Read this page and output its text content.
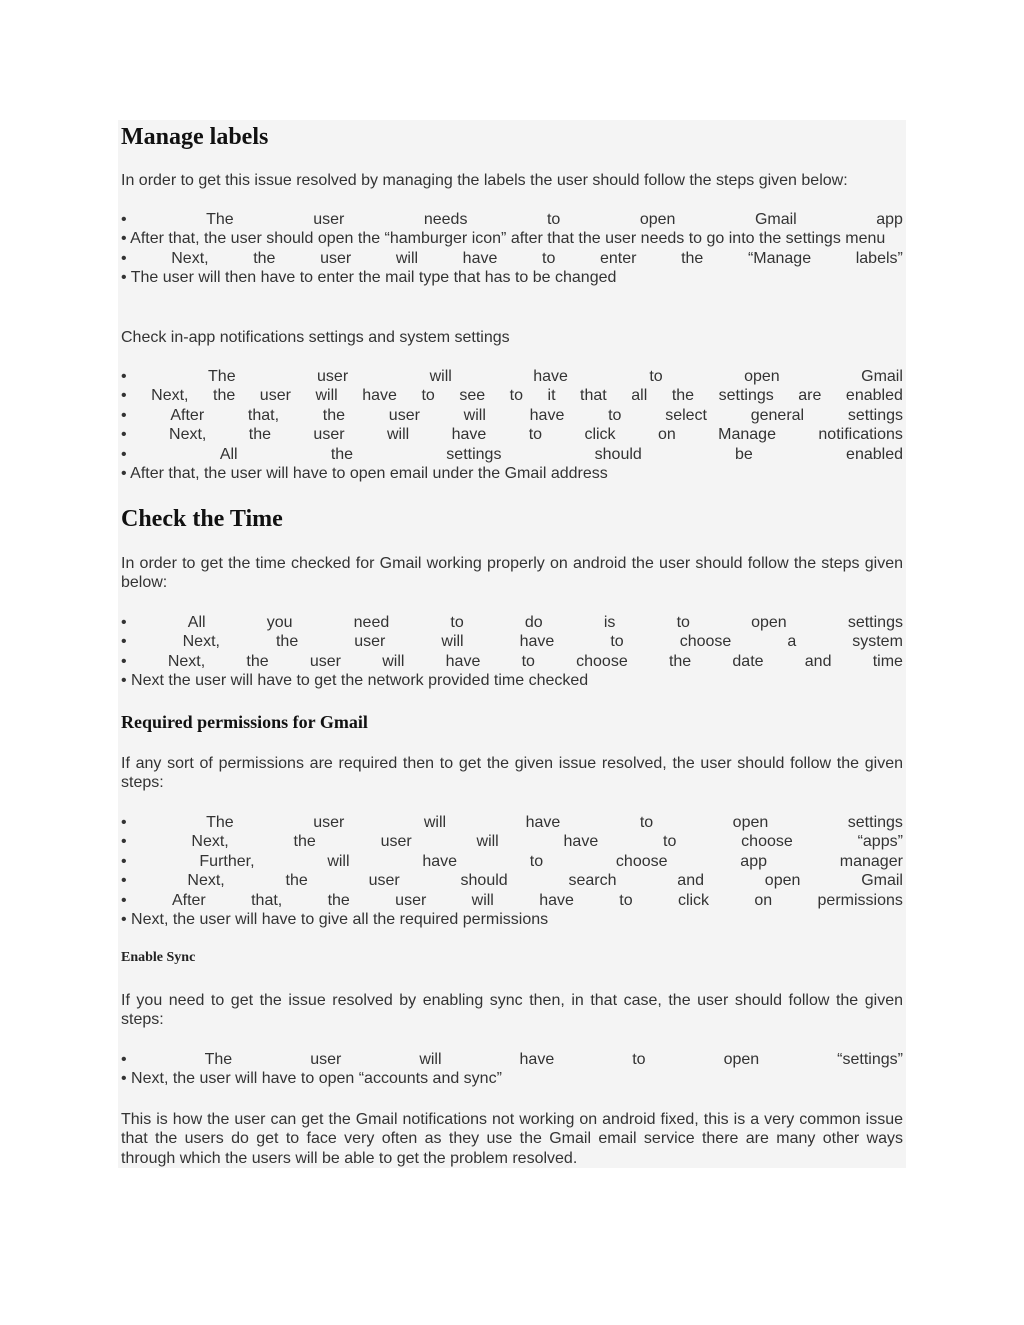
Manage labels

In order to get this issue resolved by managing the labels the user should follow the steps given below:

•	The	user	needs	to	open	Gmail	app
• After that, the user should open the “hamburger icon” after that the user needs to go into the settings menu
•	Next,	the	user	will	have	to	enter	the	“Manage	labels”
• The user will then have to enter the mail type that has to be changed

Check in-app notifications settings and system settings

•	The	user	will	have	to	open	Gmail
• Next, the user will have to see to it that all the settings are enabled
•	After	that,	the	user	will	have	to	select	general	settings
•	Next,	the	user	will	have	to	click	on	Manage	notifications
•	All	the	settings	should	be	enabled
• After that, the user will have to open email under the Gmail address
Check the Time

In order to get the time checked for Gmail working properly on android the user should follow the steps given below:

•	All	you	need	to	do	is	to	open	settings
•	Next,	the	user	will	have	to	choose	a	system
•	Next,	the	user	will	have	to	choose	the	date	and	time
• Next the user will have to get the network provided time checked
Required permissions for Gmail

If any sort of permissions are required then to get the given issue resolved, the user should follow the given steps:

•	The	user	will	have	to	open	settings
•	Next,	the	user	will	have	to	choose	“apps”
•	Further,	will	have	to	choose	app	manager
•	Next,	the	user	should	search	and	open	Gmail
•	After	that,	the	user	will	have	to	click	on	permissions
• Next, the user will have to give all the required permissions
Enable Sync

If you need to get the issue resolved by enabling sync then, in that case, the user should follow the given steps:

•	The	user	will	have	to	open	“settings”
• Next, the user will have to open “accounts and sync”

This is how the user can get the Gmail notifications not working on android fixed, this is a very common issue that the users do get to face very often as they use the Gmail email service there are many other ways through which the users will be able to get the problem resolved.
